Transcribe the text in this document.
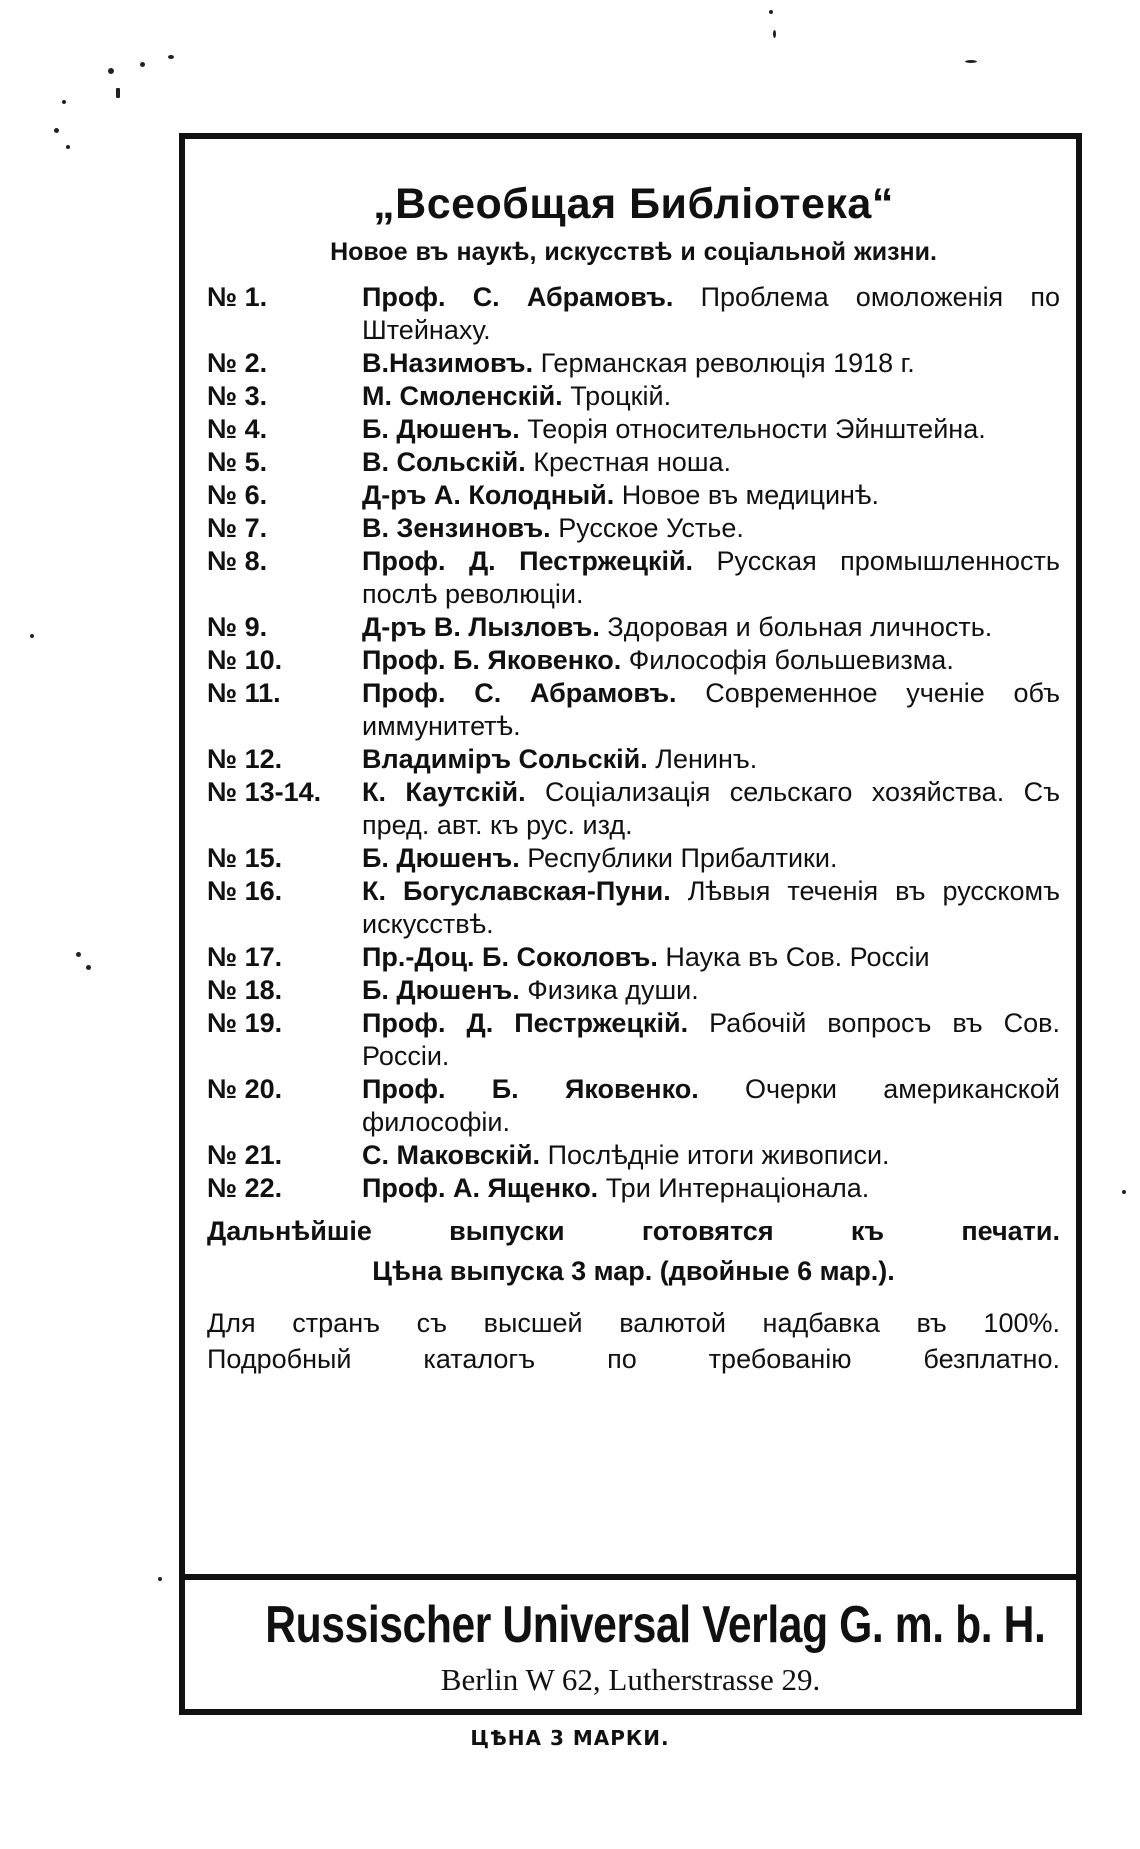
„Всеобщая Библіотека“
Новое въ наукѣ, искусствѣ и соціальной жизни.
№ 1.	Проф. С. Абрамовъ. Проблема омоложенія по Штейнаху.
№ 2.	В.Назимовъ. Германская революція 1918 г.
№ 3.	М. Смоленскій. Троцкій.
№ 4.	Б. Дюшенъ. Теорія относительности Эйнштейна.
№ 5.	В. Сольскій. Крестная ноша.
№ 6.	Д-ръ А. Колодный. Новое въ медицинѣ.
№ 7.	В. Зензиновъ. Русское Устье.
№ 8.	Проф. Д. Пестржецкій. Русская промышленность послѣ революціи.
№ 9.	Д-ръ В. Лызловъ. Здоровая и больная личность.
№ 10.	Проф. Б. Яковенко. Философія большевизма.
№ 11.	Проф. С. Абрамовъ. Современное ученіе объ иммунитетѣ.
№ 12.	Владиміръ Сольскій. Ленинъ.
№ 13-14.	К. Каутскій. Соціализація сельскаго хозяйства. Съ пред. авт. къ рус. изд.
№ 15.	Б. Дюшенъ. Республики Прибалтики.
№ 16.	К. Богуславская-Пуни. Лѣвыя теченія въ русскомъ искусствѣ.
№ 17.	Пр.-Доц. Б. Соколовъ. Наука въ Сов. Россіи
№ 18.	Б. Дюшенъ. Физика души.
№ 19.	Проф. Д. Пестржецкій. Рабочій вопросъ въ Сов. Россіи.
№ 20.	Проф. Б. Яковенко. Очерки американской философіи.
№ 21.	С. Маковскій. Послѣдніе итоги живописи.
№ 22.	Проф. А. Ященко. Три Интернаціонала.
Дальнѣйшіе выпуски готовятся къ печати.
Цѣна выпуска 3 мар. (двойные 6 мар.).
Для странъ съ высшей валютой надбавка въ 100%.
Подробный каталогъ по требованію безплатно.
Russischer Universal Verlag G. m. b. H.
Berlin W 62, Lutherstrasse 29.
ЦѢНА 3 МАРКИ.
